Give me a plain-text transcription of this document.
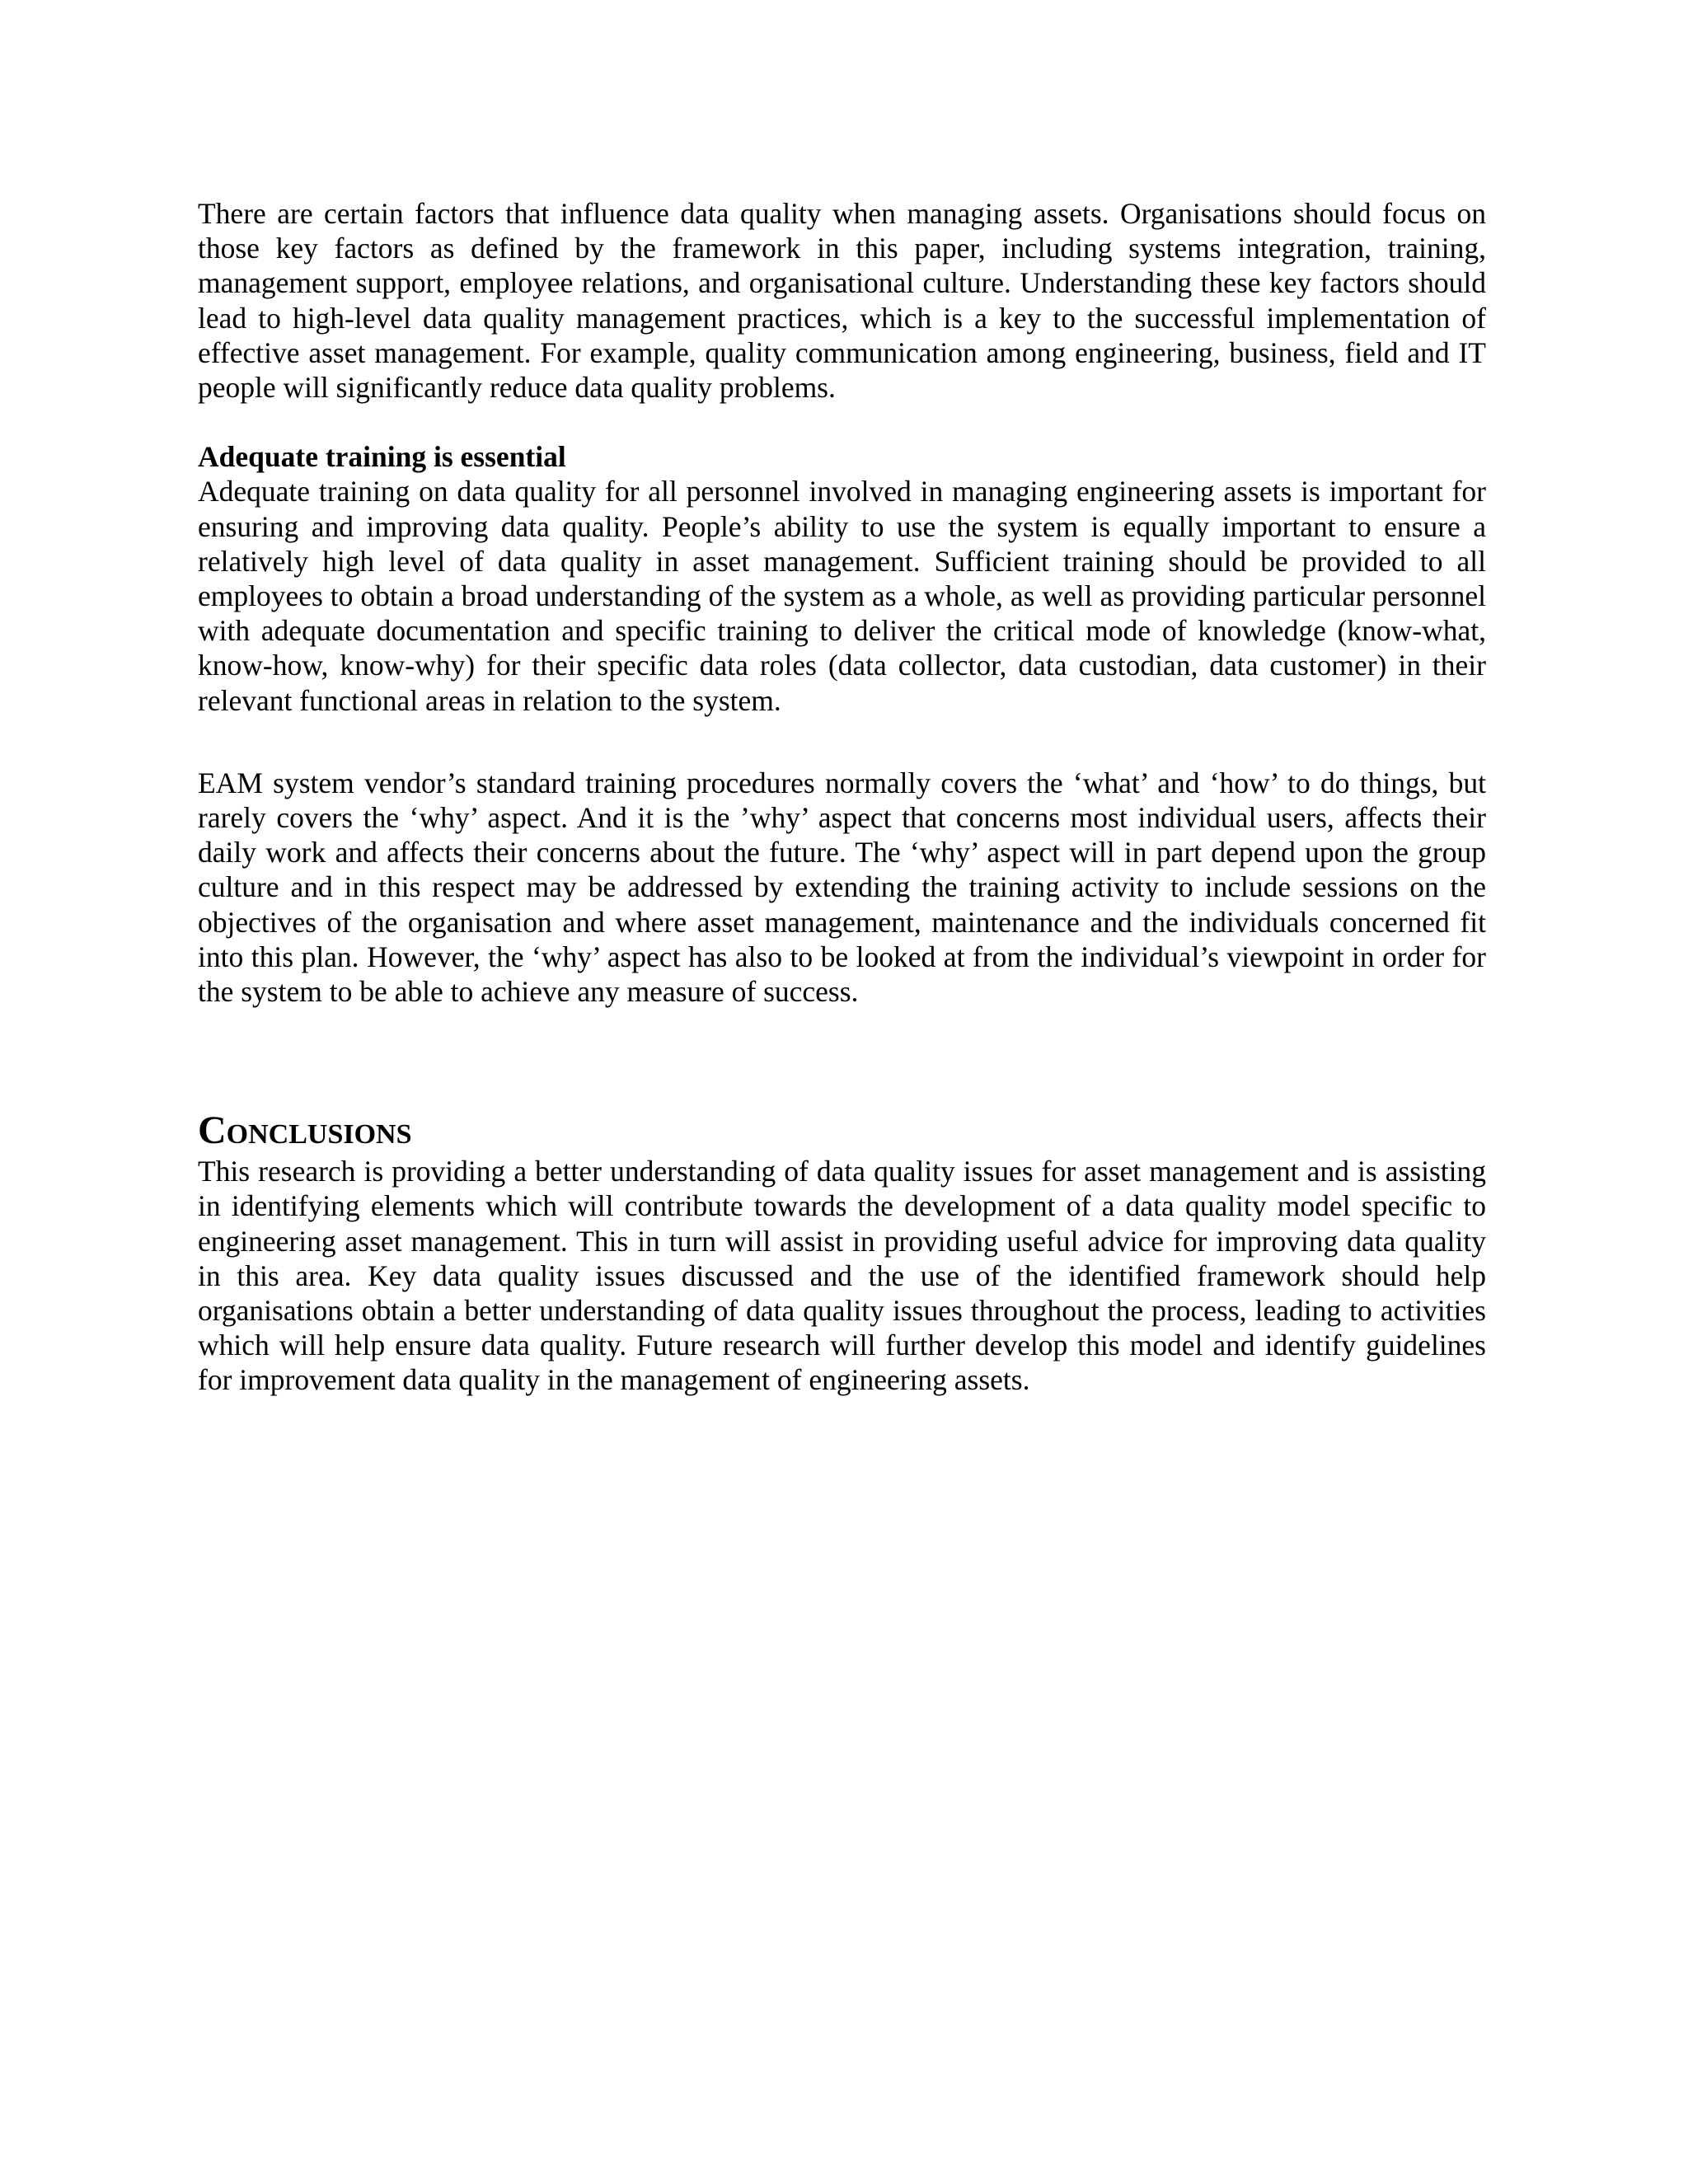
There are certain factors that influence data quality when managing assets. Organisations should focus on those key factors as defined by the framework in this paper, including systems integration, training, management support, employee relations, and organisational culture. Understanding these key factors should lead to high-level data quality management practices, which is a key to the successful implementation of effective asset management. For example, quality communication among engineering, business, field and IT people will significantly reduce data quality problems.

Adequate training is essential

Adequate training on data quality for all personnel involved in managing engineering assets is important for ensuring and improving data quality. People’s ability to use the system is equally important to ensure a relatively high level of data quality in asset management. Sufficient training should be provided to all employees to obtain a broad understanding of the system as a whole, as well as providing particular personnel with adequate documentation and specific training to deliver the critical mode of knowledge (know-what, know-how, know-why) for their specific data roles (data collector, data custodian, data customer) in their relevant functional areas in relation to the system.

EAM system vendor’s standard training procedures normally covers the ‘what’ and ‘how’ to do things, but rarely covers the ‘why’ aspect. And it is the ’why’ aspect that concerns most individual users, affects their daily work and affects their concerns about the future. The ‘why’ aspect will in part depend upon the group culture and in this respect may be addressed by extending the training activity to include sessions on the objectives of the organisation and where asset management, maintenance and the individuals concerned fit into this plan. However, the ‘why’ aspect has also to be looked at from the individual’s viewpoint in order for the system to be able to achieve any measure of success.

Conclusions

This research is providing a better understanding of data quality issues for asset management and is assisting in identifying elements which will contribute towards the development of a data quality model specific to engineering asset management. This in turn will assist in providing useful advice for improving data quality in this area. Key data quality issues discussed and the use of the identified framework should help organisations obtain a better understanding of data quality issues throughout the process, leading to activities which will help ensure data quality. Future research will further develop this model and identify guidelines for improvement data quality in the management of engineering assets.
